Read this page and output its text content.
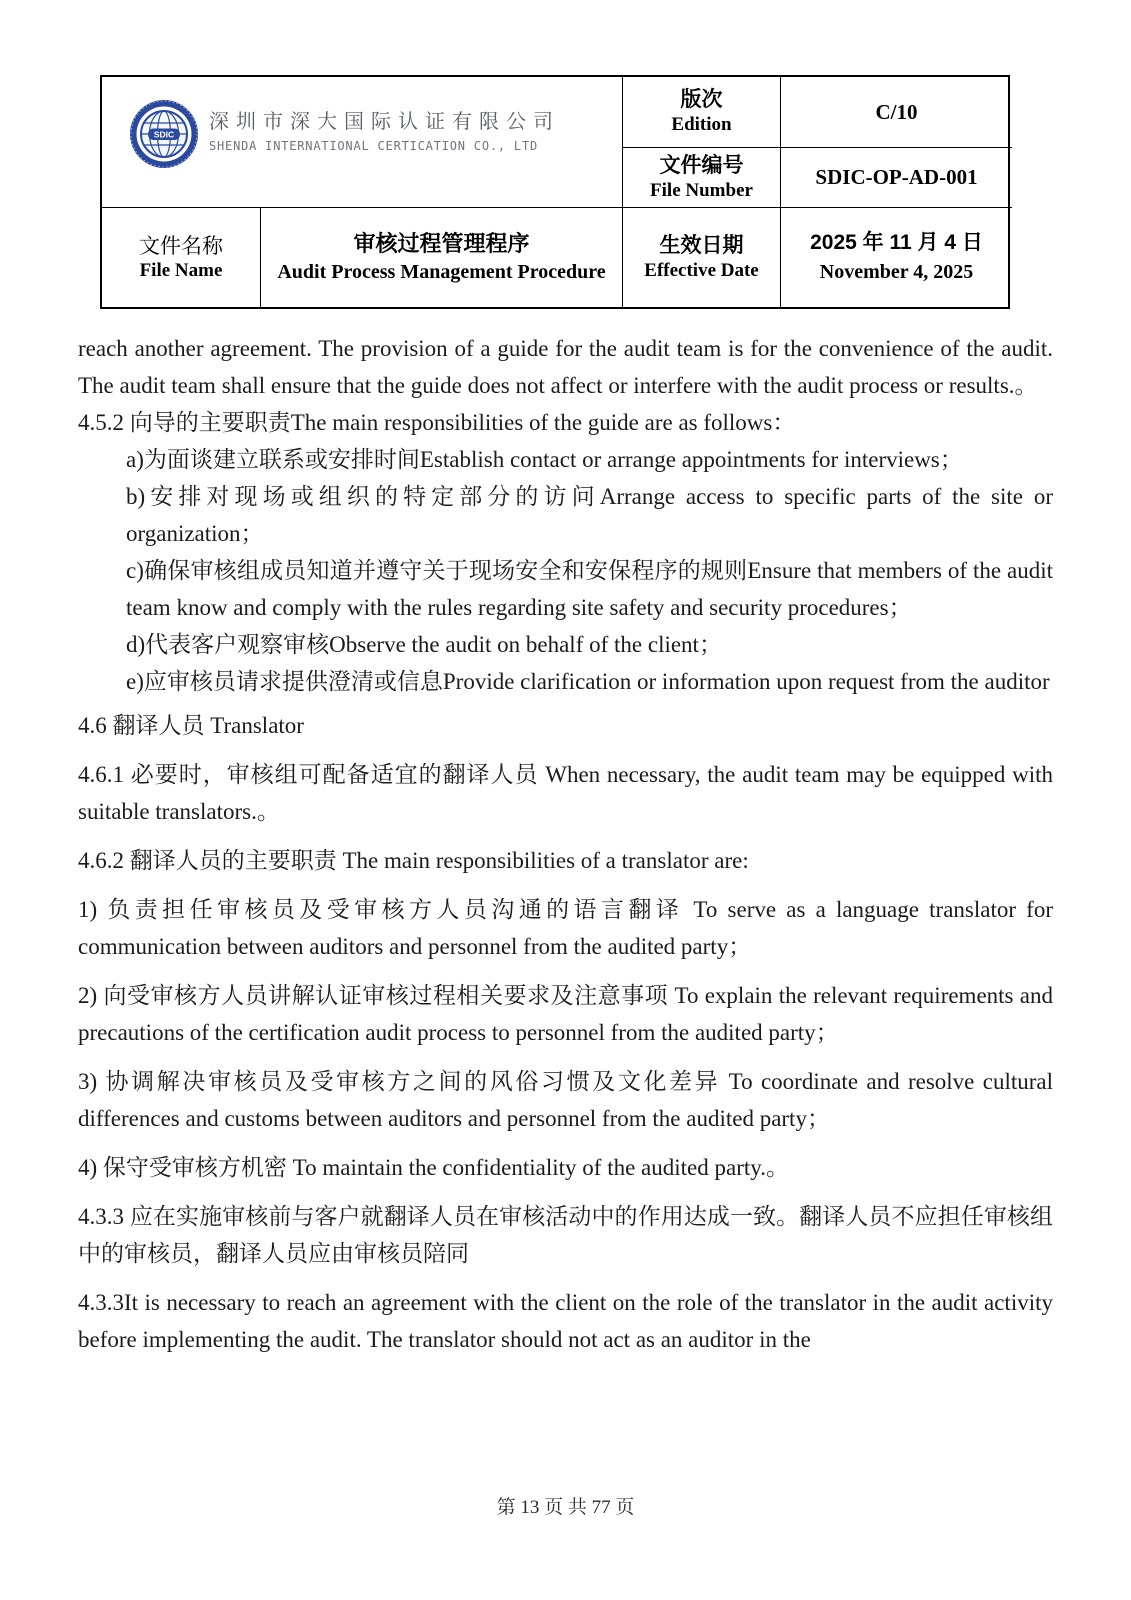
SDIC
深圳市深大国际认证有限公司
SHENDA INTERNATIONAL CERTICATION CO., LTD
版次
Edition
C/10
文件编号
File Number
SDIC-OP-AD-001
文件名称
File Name
审核过程管理程序
Audit Process Management Procedure
生效日期
Effective Date
2025 年 11 月 4 日
November 4, 2025

reach another agreement. The provision of a guide for the audit team is for the convenience of the audit. The audit team shall ensure that the guide does not affect or interfere with the audit process or results.。

4.5.2 向导的主要职责The main responsibilities of the guide are as follows：

a)为面谈建立联系或安排时间Establish contact or arrange appointments for interviews；

b)安排对现场或组织的特定部分的访问Arrange access to specific parts of the site or organization；

c)确保审核组成员知道并遵守关于现场安全和安保程序的规则Ensure that members of the audit team know and comply with the rules regarding site safety and security procedures；

d)代表客户观察审核Observe the audit on behalf of the client；

e)应审核员请求提供澄清或信息Provide clarification or information upon request from the auditor

4.6 翻译人员 Translator

4.6.1 必要时，审核组可配备适宜的翻译人员 When necessary, the audit team may be equipped with suitable translators.。

4.6.2 翻译人员的主要职责 The main responsibilities of a translator are:

1) 负责担任审核员及受审核方人员沟通的语言翻译 To serve as a language translator for communication between auditors and personnel from the audited party；

2) 向受审核方人员讲解认证审核过程相关要求及注意事项 To explain the relevant requirements and precautions of the certification audit process to personnel from the audited party；

3) 协调解决审核员及受审核方之间的风俗习惯及文化差异 To coordinate and resolve cultural differences and customs between auditors and personnel from the audited party；

4) 保守受审核方机密 To maintain the confidentiality of the audited party.。

4.3.3 应在实施审核前与客户就翻译人员在审核活动中的作用达成一致。翻译人员不应担任审核组中的审核员，翻译人员应由审核员陪同

4.3.3It is necessary to reach an agreement with the client on the role of the translator in the audit activity before implementing the audit. The translator should not act as an auditor in the

第 13 页 共 77 页
